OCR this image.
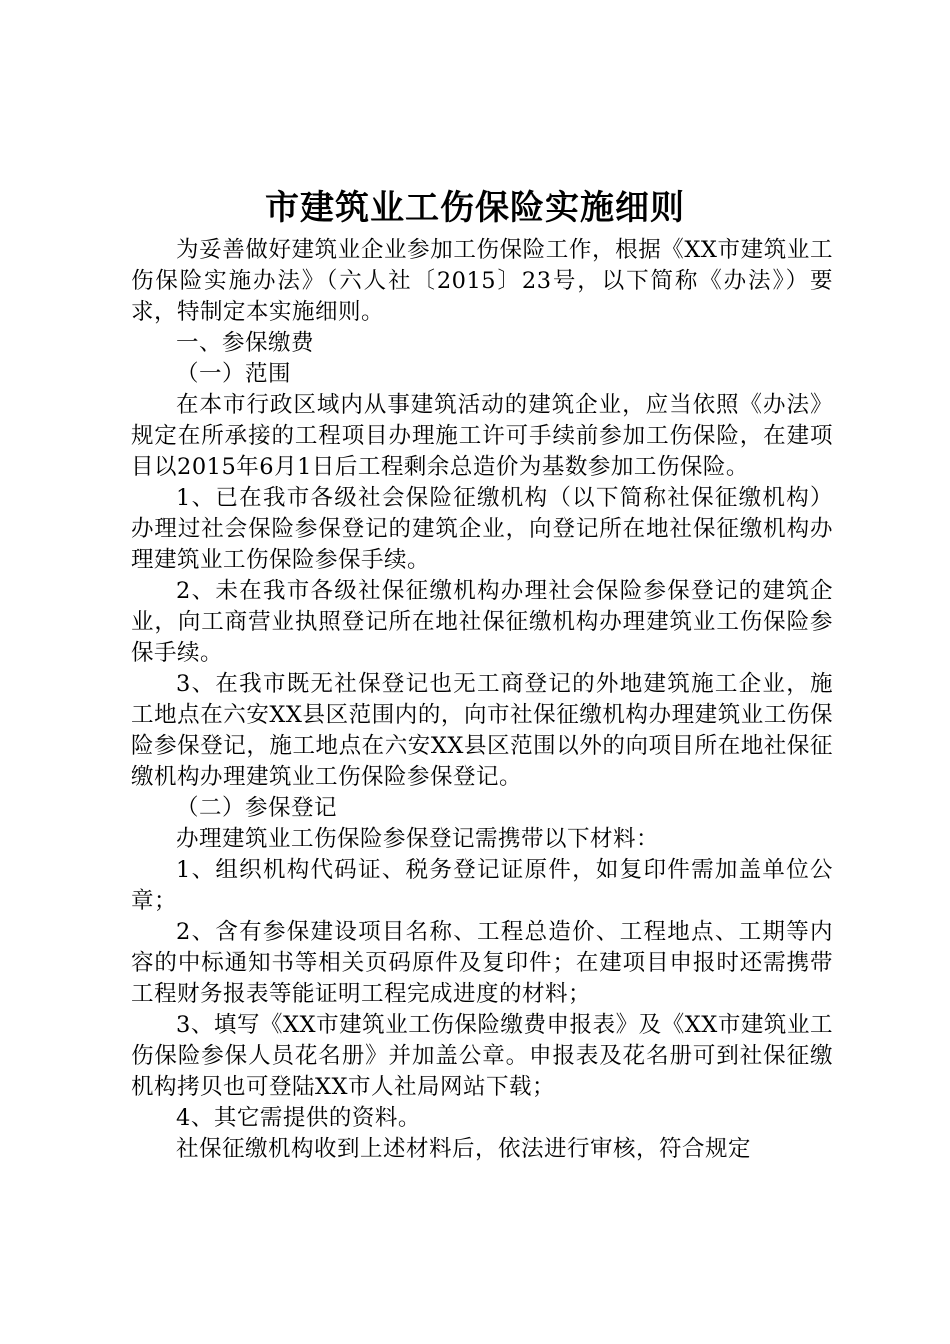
市建筑业工伤保险实施细则

为妥善做好建筑业企业参加工伤保险工作，根据《XX市建筑业工伤保险实施办法》（六人社〔2015〕23号，以下简称《办法》）要求，特制定本实施细则。

一、参保缴费

（一）范围

在本市行政区域内从事建筑活动的建筑企业，应当依照《办法》规定在所承接的工程项目办理施工许可手续前参加工伤保险，在建项目以2015年6月1日后工程剩余总造价为基数参加工伤保险。

1、已在我市各级社会保险征缴机构（以下简称社保征缴机构）办理过社会保险参保登记的建筑企业，向登记所在地社保征缴机构办理建筑业工伤保险参保手续。

2、未在我市各级社保征缴机构办理社会保险参保登记的建筑企业，向工商营业执照登记所在地社保征缴机构办理建筑业工伤保险参保手续。

3、在我市既无社保登记也无工商登记的外地建筑施工企业，施工地点在六安XX县区范围内的，向市社保征缴机构办理建筑业工伤保险参保登记，施工地点在六安XX县区范围以外的向项目所在地社保征缴机构办理建筑业工伤保险参保登记。

（二）参保登记

办理建筑业工伤保险参保登记需携带以下材料：

1、组织机构代码证、税务登记证原件，如复印件需加盖单位公章；

2、含有参保建设项目名称、工程总造价、工程地点、工期等内容的中标通知书等相关页码原件及复印件；在建项目申报时还需携带工程财务报表等能证明工程完成进度的材料；

3、填写《XX市建筑业工伤保险缴费申报表》及《XX市建筑业工伤保险参保人员花名册》并加盖公章。申报表及花名册可到社保征缴机构拷贝也可登陆XX市人社局网站下载；

4、其它需提供的资料。

社保征缴机构收到上述材料后，依法进行审核，符合规定
